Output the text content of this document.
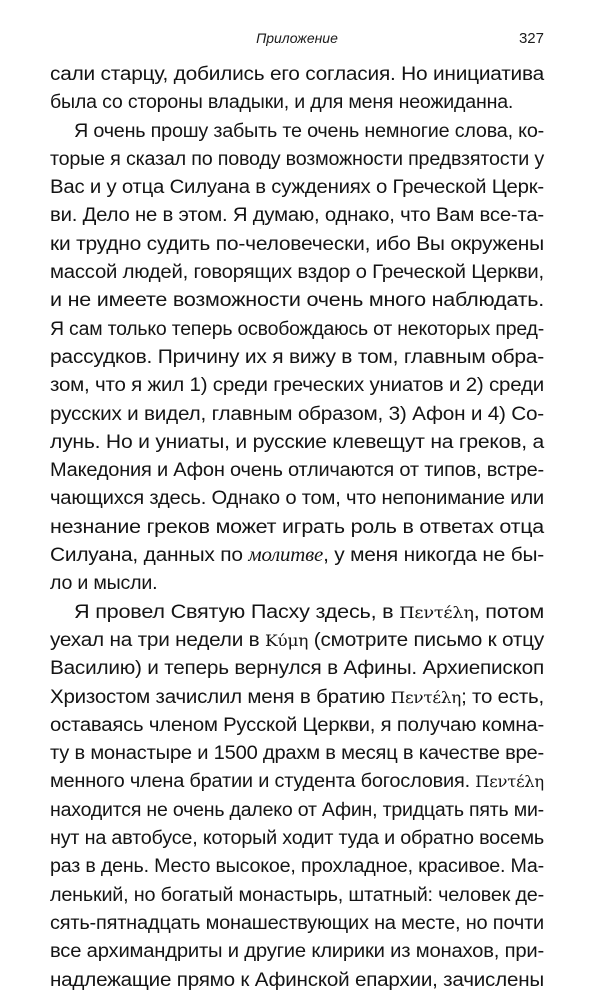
Приложение	327
сали старцу, добились его согласия. Но инициатива
была со стороны владыки, и для меня неожиданна.
Я очень прошу забыть те очень немногие слова, ко-
торые я сказал по поводу возможности предвзятости у
Вас и у отца Силуана в суждениях о Греческой Церк-
ви. Дело не в этом. Я думаю, однако, что Вам все-та-
ки трудно судить по-человечески, ибо Вы окружены
массой людей, говорящих вздор о Греческой Церкви,
и не имеете возможности очень много наблюдать.
Я сам только теперь освобождаюсь от некоторых пред-
рассудков. Причину их я вижу в том, главным обра-
зом, что я жил 1) среди греческих униатов и 2) среди
русских и видел, главным образом, 3) Афон и 4) Со-
лунь. Но и униаты, и русские клевещут на греков, а
Македония и Афон очень отличаются от типов, встре-
чающихся здесь. Однако о том, что непонимание или
незнание греков может играть роль в ответах отца
Силуана, данных по молитве, у меня никогда не бы-
ло и мысли.
Я провел Святую Пасху здесь, в Πεντέλη, потом
уехал на три недели в Κύμη (смотрите письмо к отцу
Василию) и теперь вернулся в Афины. Архиепископ
Хризостом зачислил меня в братию Πεντέλη; то есть,
оставаясь членом Русской Церкви, я получаю комна-
ту в монастыре и 1500 драхм в месяц в качестве вре-
менного члена братии и студента богословия. Πεντέλη
находится не очень далеко от Афин, тридцать пять ми-
нут на автобусе, который ходит туда и обратно восемь
раз в день. Место высокое, прохладное, красивое. Ма-
ленький, но богатый монастырь, штатный: человек де-
сять-пятнадцать монашествующих на месте, но почти
все архимандриты и другие клирики из монахов, при-
надлежащие прямо к Афинской епархии, зачислены
